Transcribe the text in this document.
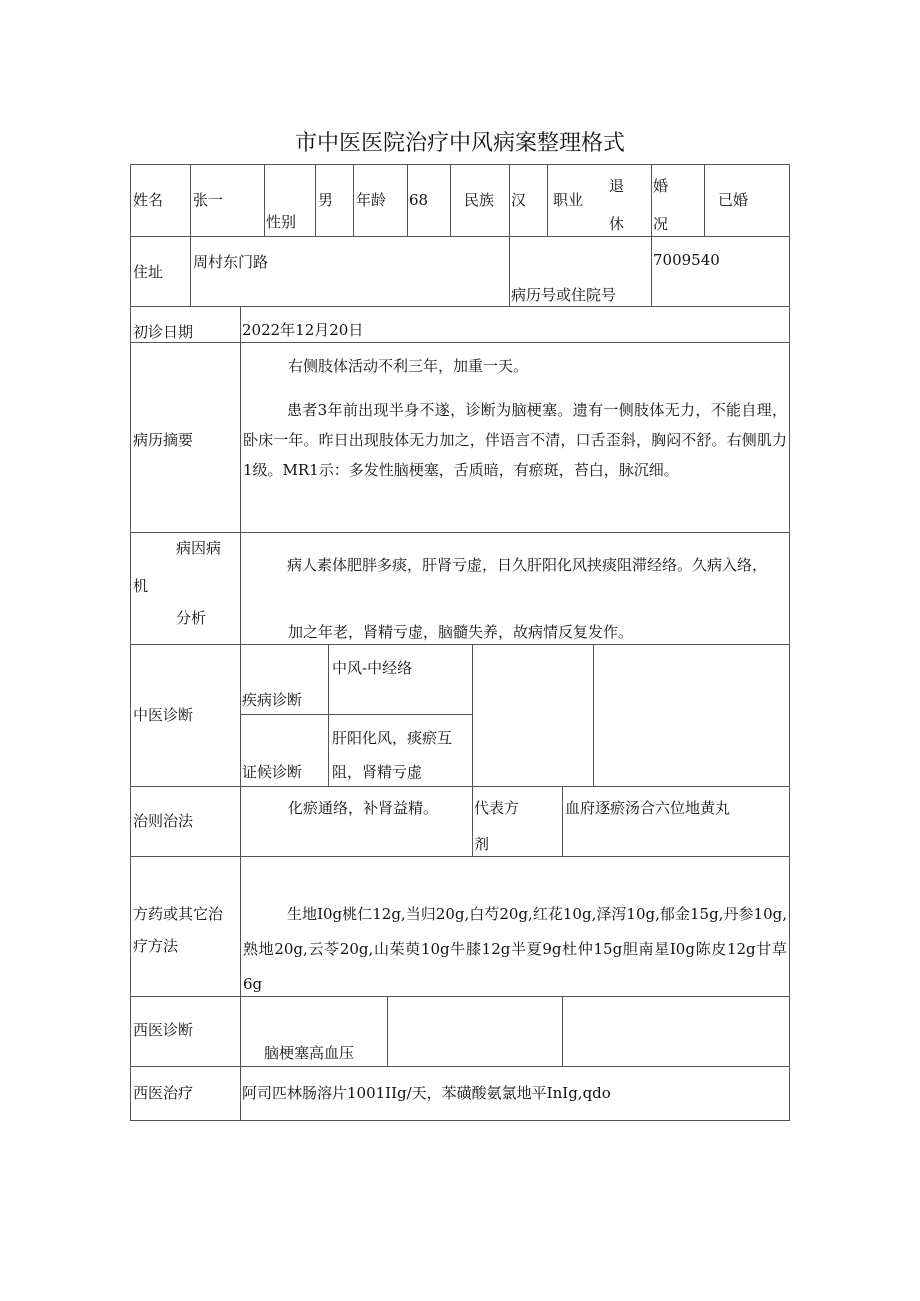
市中医医院治疗中风病案整理格式
姓名 张一
性别
男 年龄 68 民族 汉 职业
退
休
婚
况
已婚
住址
周村东门路
病历号或住院号
7009540
初诊日期	2022年12月20日
病历摘要
右侧肢体活动不利三年，加重一天。
患者3年前出现半身不遂，诊断为脑梗塞。遗有一侧肢体无力，不能自理，卧床一年。昨日出现肢体无力加之，伴语言不清，口舌歪斜，胸闷不舒。右侧肌力1级。MR1示：多发性脑梗塞，舌质暗，有瘀斑，苔白，脉沉细。
病因病
机
分析
病人素体肥胖多痰，肝肾亏虚，日久肝阳化风挟痰阻滞经络。久病入络，
加之年老，肾精亏虚，脑髓失养，故病情反复发作。
中医诊断
疾病诊断
中风-中经络
证候诊断
肝阳化风，痰瘀互
阻，肾精亏虚
治则治法
化瘀通络，补肾益精。 代表方
剂
血府逐瘀汤合六位地黄丸
方药或其它治
疗方法
生地I0g桃仁12g,当归20g,白芍20g,红花10g,泽泻10g,郁金15g,丹参10g,熟地20g,云苓20g,山茱萸10g牛膝12g半夏9g杜仲15g胆南星I0g陈皮12g甘草6g
西医诊断
脑梗塞高血压
西医治疗	阿司匹林肠溶片1001IIg/天，苯磺酸氨氯地平InIg,qdo
